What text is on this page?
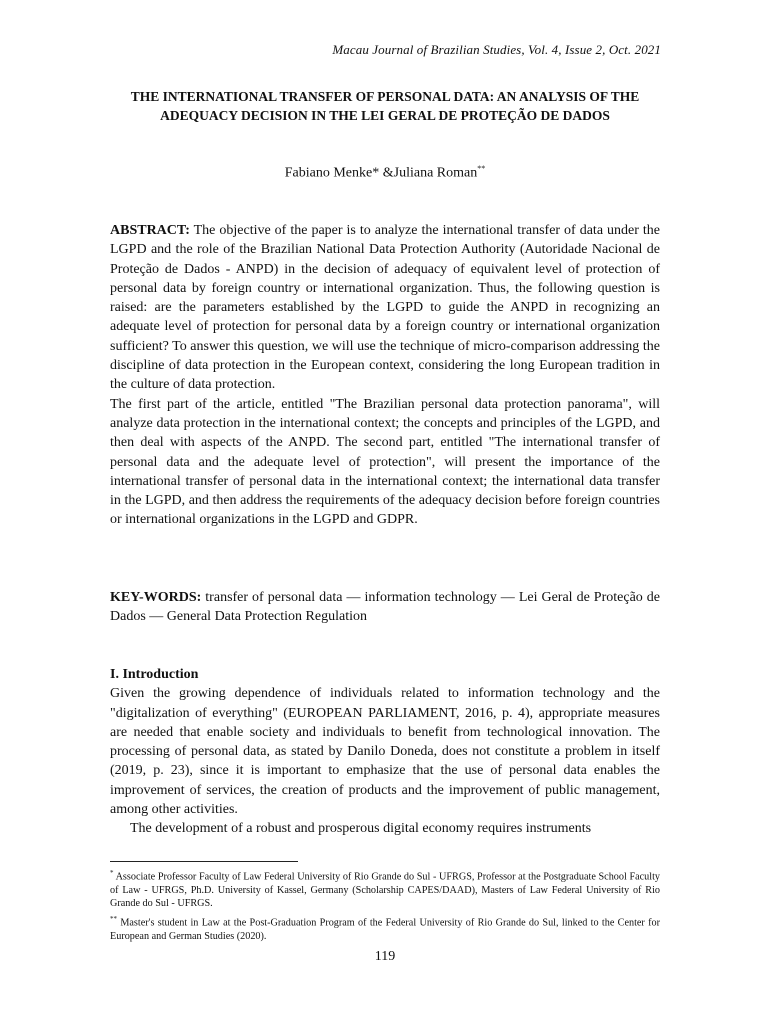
Macau Journal of Brazilian Studies, Vol. 4, Issue 2, Oct. 2021
THE INTERNATIONAL TRANSFER OF PERSONAL DATA: AN ANALYSIS OF THE ADEQUACY DECISION IN THE LEI GERAL DE PROTEÇÃO DE DADOS
Fabiano Menke* &Juliana Roman**

ABSTRACT: The objective of the paper is to analyze the international transfer of data under the LGPD and the role of the Brazilian National Data Protection Authority (Autoridade Nacional de Proteção de Dados - ANPD) in the decision of adequacy of equivalent level of protection of personal data by foreign country or international organization. Thus, the following question is raised: are the parameters established by the LGPD to guide the ANPD in recognizing an adequate level of protection for personal data by a foreign country or international organization sufficient? To answer this question, we will use the technique of micro-comparison addressing the discipline of data protection in the European context, considering the long European tradition in the culture of data protection.

The first part of the article, entitled "The Brazilian personal data protection panorama", will analyze data protection in the international context; the concepts and principles of the LGPD, and then deal with aspects of the ANPD. The second part, entitled "The international transfer of personal data and the adequate level of protection", will present the importance of the international transfer of personal data in the international context; the international data transfer in the LGPD, and then address the requirements of the adequacy decision before foreign countries or international organizations in the LGPD and GDPR.

KEY-WORDS: transfer of personal data — information technology — Lei Geral de Proteção de Dados — General Data Protection Regulation

I. Introduction

Given the growing dependence of individuals related to information technology and the "digitalization of everything" (EUROPEAN PARLIAMENT, 2016, p. 4), appropriate measures are needed that enable society and individuals to benefit from technological innovation. The processing of personal data, as stated by Danilo Doneda, does not constitute a problem in itself (2019, p. 23), since it is important to emphasize that the use of personal data enables the improvement of services, the creation of products and the improvement of public management, among other activities.

The development of a robust and prosperous digital economy requires instruments

* Associate Professor Faculty of Law Federal University of Rio Grande do Sul - UFRGS, Professor at the Postgraduate School Faculty of Law - UFRGS, Ph.D. University of Kassel, Germany (Scholarship CAPES/DAAD), Masters of Law Federal University of Rio Grande do Sul - UFRGS.

** Master's student in Law at the Post-Graduation Program of the Federal University of Rio Grande do Sul, linked to the Center for European and German Studies (2020).

119
